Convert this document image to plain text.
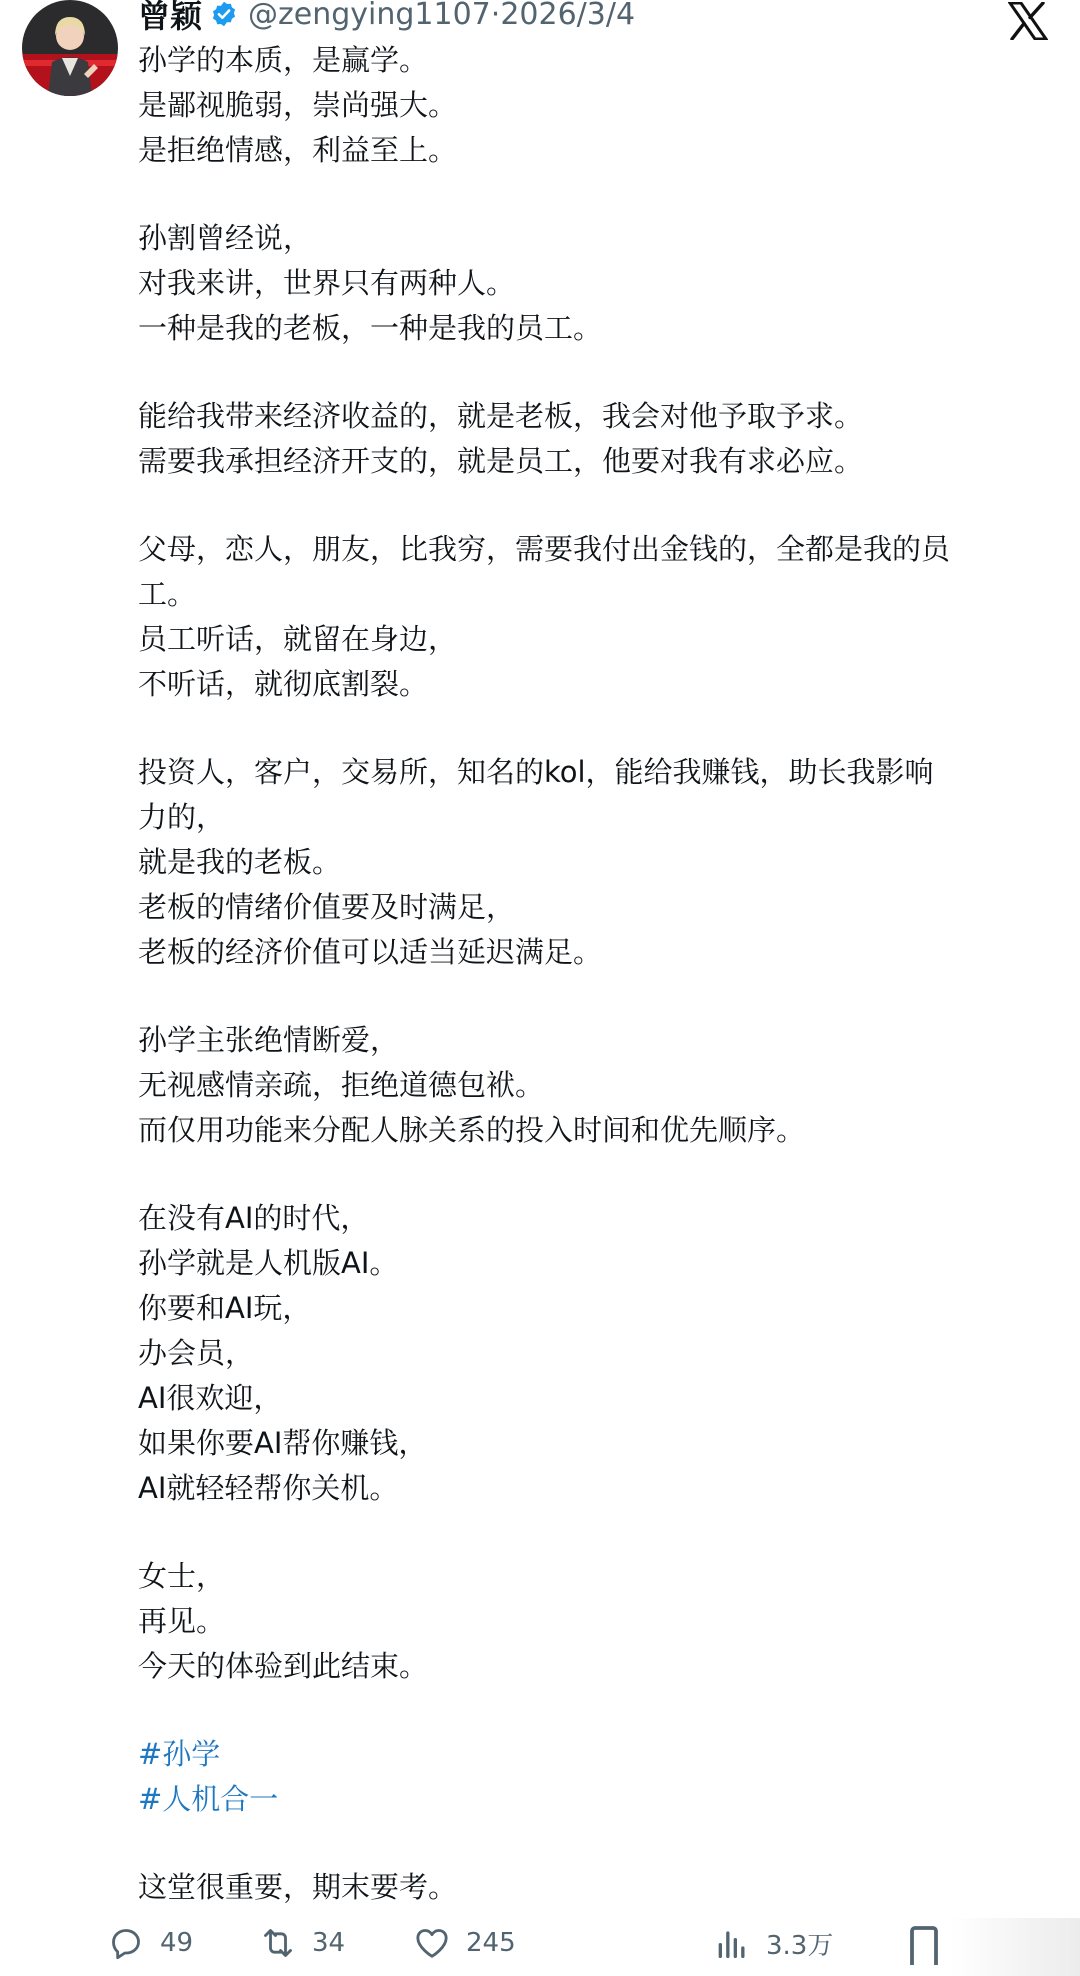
曾颖 @zengying1107 · 2026/3/4
孙学的本质，是赢学。
是鄙视脆弱，崇尚强大。
是拒绝情感，利益至上。
孙割曾经说，
对我来讲，世界只有两种人。
一种是我的老板，一种是我的员工。
能给我带来经济收益的，就是老板，我会对他予取予求。
需要我承担经济开支的，就是员工，他要对我有求必应。
父母，恋人，朋友，比我穷，需要我付出金钱的，全都是我的员
工。
员工听话，就留在身边，
不听话，就彻底割裂。
投资人，客户，交易所，知名的kol，能给我赚钱，助长我影响
力的，
就是我的老板。
老板的情绪价值要及时满足，
老板的经济价值可以适当延迟满足。
孙学主张绝情断爱，
无视感情亲疏，拒绝道德包袱。
而仅用功能来分配人脉关系的投入时间和优先顺序。
在没有AI的时代，
孙学就是人机版AI。
你要和AI玩，
办会员，
AI很欢迎，
如果你要AI帮你赚钱，
AI就轻轻帮你关机。
女士，
再见。
今天的体验到此结束。
#孙学
#人机合一
这堂很重要，期末要考。
49	34	245	3.3万
